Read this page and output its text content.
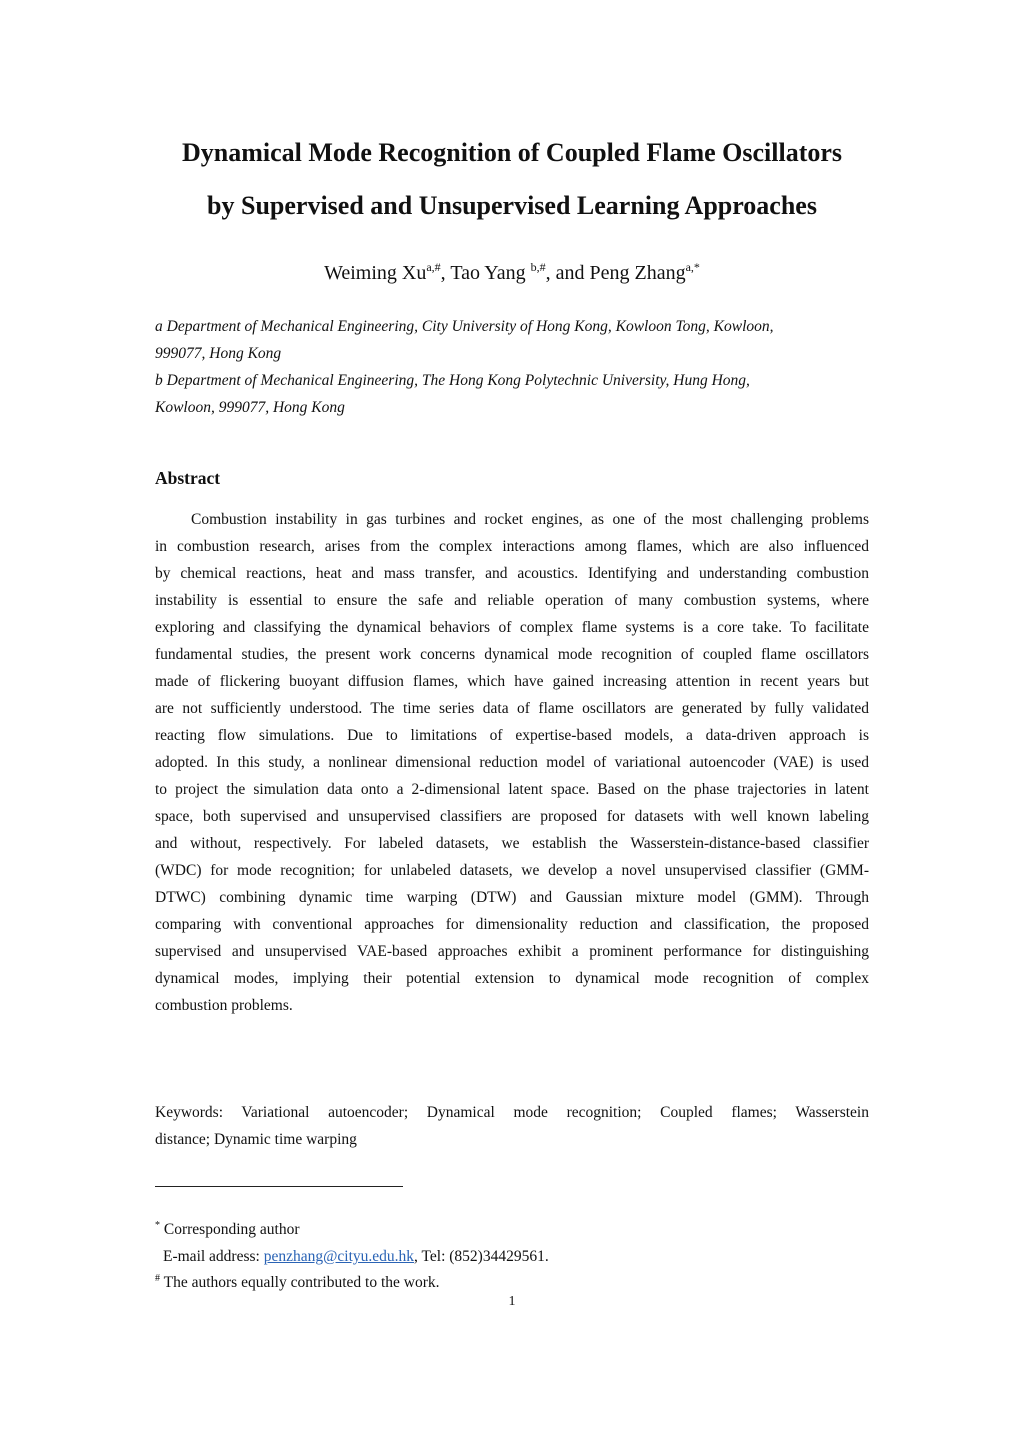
Dynamical Mode Recognition of Coupled Flame Oscillators
by Supervised and Unsupervised Learning Approaches
Weiming $Xu^{a,\#}$, Tao Yang $^{b,\#}$, and Peng Zhang$^{a,*}$
a Department of Mechanical Engineering, City University of Hong Kong, Kowloon Tong, Kowloon,
999077, Hong Kong
b Department of Mechanical Engineering, The Hong Kong Polytechnic University, Hung Hong,
Kowloon, 999077, Hong Kong
Abstract
Combustion instability in gas turbines and rocket engines, as one of the most challenging problems
in combustion research, arises from the complex interactions among flames, which are also influenced
by chemical reactions, heat and mass transfer, and acoustics. Identifying and understanding combustion
instability is essential to ensure the safe and reliable operation of many combustion systems, where
exploring and classifying the dynamical behaviors of complex flame systems is a core take. To facilitate
fundamental studies, the present work concerns dynamical mode recognition of coupled flame oscillators
made of flickering buoyant diffusion flames, which have gained increasing attention in recent years but
are not sufficiently understood. The time series data of flame oscillators are generated by fully validated
reacting flow simulations. Due to limitations of expertise-based models, a data-driven approach is
adopted. In this study, a nonlinear dimensional reduction model of variational autoencoder (VAE) is used
to project the simulation data onto a 2-dimensional latent space. Based on the phase trajectories in latent
space, both supervised and unsupervised classifiers are proposed for datasets with well known labeling
and without, respectively. For labeled datasets, we establish the Wasserstein-distance-based classifier
(WDC) for mode recognition; for unlabeled datasets, we develop a novel unsupervised classifier (GMM-
DTWC) combining dynamic time warping (DTW) and Gaussian mixture model (GMM). Through
comparing with conventional approaches for dimensionality reduction and classification, the proposed
supervised and unsupervised VAE-based approaches exhibit a prominent performance for distinguishing
dynamical modes, implying their potential extension to dynamical mode recognition of complex
combustion problems.
Keywords: Variational autoencoder; Dynamical mode recognition; Coupled flames; Wasserstein
distance; Dynamic time warping
* Corresponding author
E-mail address: penzhang@cityu.edu.hk, Tel: (852)34429561.
# The authors equally contributed to the work.
1
